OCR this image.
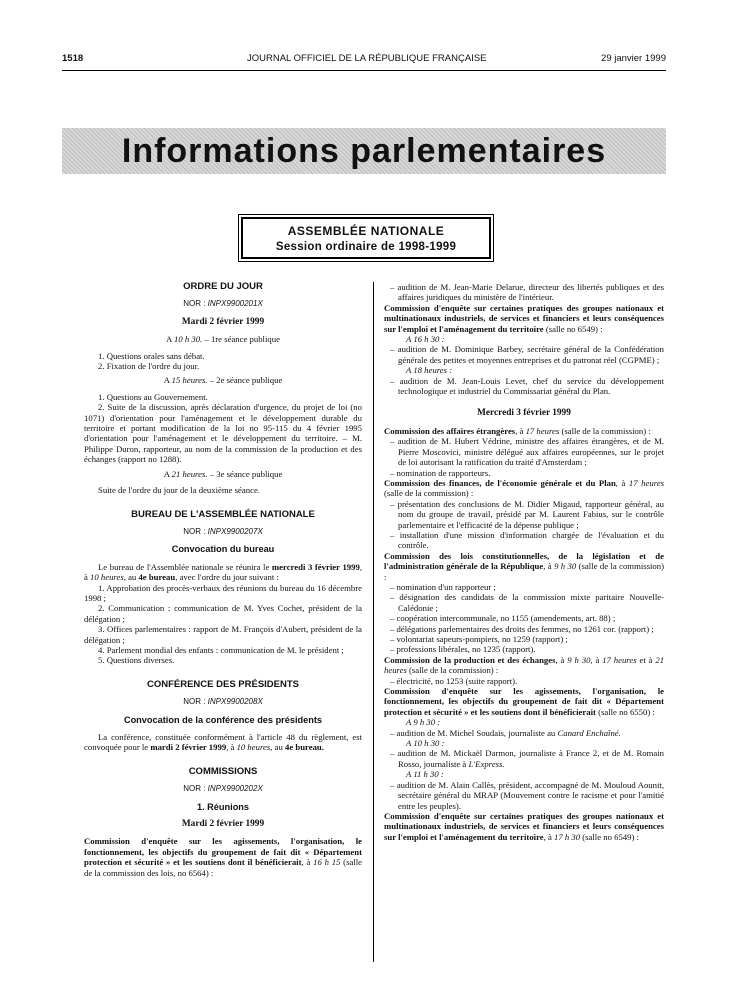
1518	JOURNAL OFFICIEL DE LA RÉPUBLIQUE FRANÇAISE	29 janvier 1999
Informations parlementaires
ASSEMBLÉE NATIONALE
Session ordinaire de 1998-1999
ORDRE DU JOUR
NOR : INPX9900201X
Mardi 2 février 1999
A 10 h 30. – 1re séance publique

1. Questions orales sans débat.

2. Fixation de l'ordre du jour.

A 15 heures. – 2e séance publique

1. Questions au Gouvernement.

2. Suite de la discussion, après déclaration d'urgence, du projet de loi (no 1071) d'orientation pour l'aménagement et le développement durable du territoire et portant modification de la loi no 95-115 du 4 février 1995 d'orientation pour l'aménagement et le développement du territoire. – M. Philippe Duron, rapporteur, au nom de la commission de la production et des échanges (rapport no 1288).

A 21 heures. – 3e séance publique

Suite de l'ordre du jour de la deuxième séance.

BUREAU DE L'ASSEMBLÉE NATIONALE
NOR : INPX9900207X
Convocation du bureau

Le bureau de l'Assemblée nationale se réunira le mercredi 3 février 1999, à 10 heures, au 4e bureau, avec l'ordre du jour suivant :

1. Approbation des procès-verbaux des réunions du bureau du 16 décembre 1998 ;

2. Communication : communication de M. Yves Cochet, président de la délégation ;

3. Offices parlementaires : rapport de M. François d'Aubert, président de la délégation ;

4. Parlement mondial des enfants : communication de M. le président ;

5. Questions diverses.

CONFÉRENCE DES PRÉSIDENTS
NOR : INPX9900208X
Convocation de la conférence des présidents

La conférence, constituée conformément à l'article 48 du règlement, est convoquée pour le mardi 2 février 1999, à 10 heures, au 4e bureau.

COMMISSIONS
NOR : INPX9900202X
1. Réunions
Mardi 2 février 1999

Commission d'enquête sur les agissements, l'organisation, le fonctionnement, les objectifs du groupement de fait dit « Département protection et sécurité » et les soutiens dont il bénéficierait, à 16 h 15 (salle de la commission des lois, no 6564) :

– audition de M. Jean-Marie Delarue, directeur des libertés publiques et des affaires juridiques du ministère de l'intérieur.

Commission d'enquête sur certaines pratiques des groupes nationaux et multinationaux industriels, de services et financiers et leurs conséquences sur l'emploi et l'aménagement du territoire (salle no 6549) :

A 16 h 30 :

– audition de M. Dominique Barbey, secrétaire général de la Confédération générale des petites et moyennes entreprises et du patronat réel (CGPME) ;

A 18 heures :

– audition de M. Jean-Louis Levet, chef du service du développement technologique et industriel du Commissariat général du Plan.

Mercredi 3 février 1999

Commission des affaires étrangères, à 17 heures (salle de la commission) :

– audition de M. Hubert Védrine, ministre des affaires étrangères, et de M. Pierre Moscovici, ministre délégué aux affaires européennes, sur le projet de loi autorisant la ratification du traité d'Amsterdam ;

– nomination de rapporteurs.

Commission des finances, de l'économie générale et du Plan, à 17 heures (salle de la commission) :

– présentation des conclusions de M. Didier Migaud, rapporteur général, au nom du groupe de travail, présidé par M. Laurent Fabius, sur le contrôle parlementaire et l'efficacité de la dépense publique ;

– installation d'une mission d'information chargée de l'évaluation et du contrôle.

Commission des lois constitutionnelles, de la législation et de l'administration générale de la République, à 9 h 30 (salle de la commission) :

– nomination d'un rapporteur ;

– désignation des candidats de la commission mixte paritaire Nouvelle-Calédonie ;

– coopération intercommunale, no 1155 (amendements, art. 88) ;

– délégations parlementaires des droits des femmes, no 1261 cor. (rapport) ;

– volontariat sapeurs-pompiers, no 1259 (rapport) ;

– professions libérales, no 1235 (rapport).

Commission de la production et des échanges, à 9 h 30, à 17 heures et à 21 heures (salle de la commission) :

– électricité, no 1253 (suite rapport).

Commission d'enquête sur les agissements, l'organisation, le fonctionnement, les objectifs du groupement de fait dit « Département protection et sécurité » et les soutiens dont il bénéficierait (salle no 6550) :

A 9 h 30 :

– audition de M. Michel Soudais, journaliste au Canard Enchaîné.

A 10 h 30 :

– audition de M. Mickaël Darmon, journaliste à France 2, et de M. Romain Rosso, journaliste à L'Express.

A 11 h 30 :

– audition de M. Alain Callès, président, accompagné de M. Mouloud Aounit, secrétaire général du MRAP (Mouvement contre le racisme et pour l'amitié entre les peuples).

Commission d'enquête sur certaines pratiques des groupes nationaux et multinationaux industriels, de services et financiers et leurs conséquences sur l'emploi et l'aménagement du territoire, à 17 h 30 (salle no 6549) :
